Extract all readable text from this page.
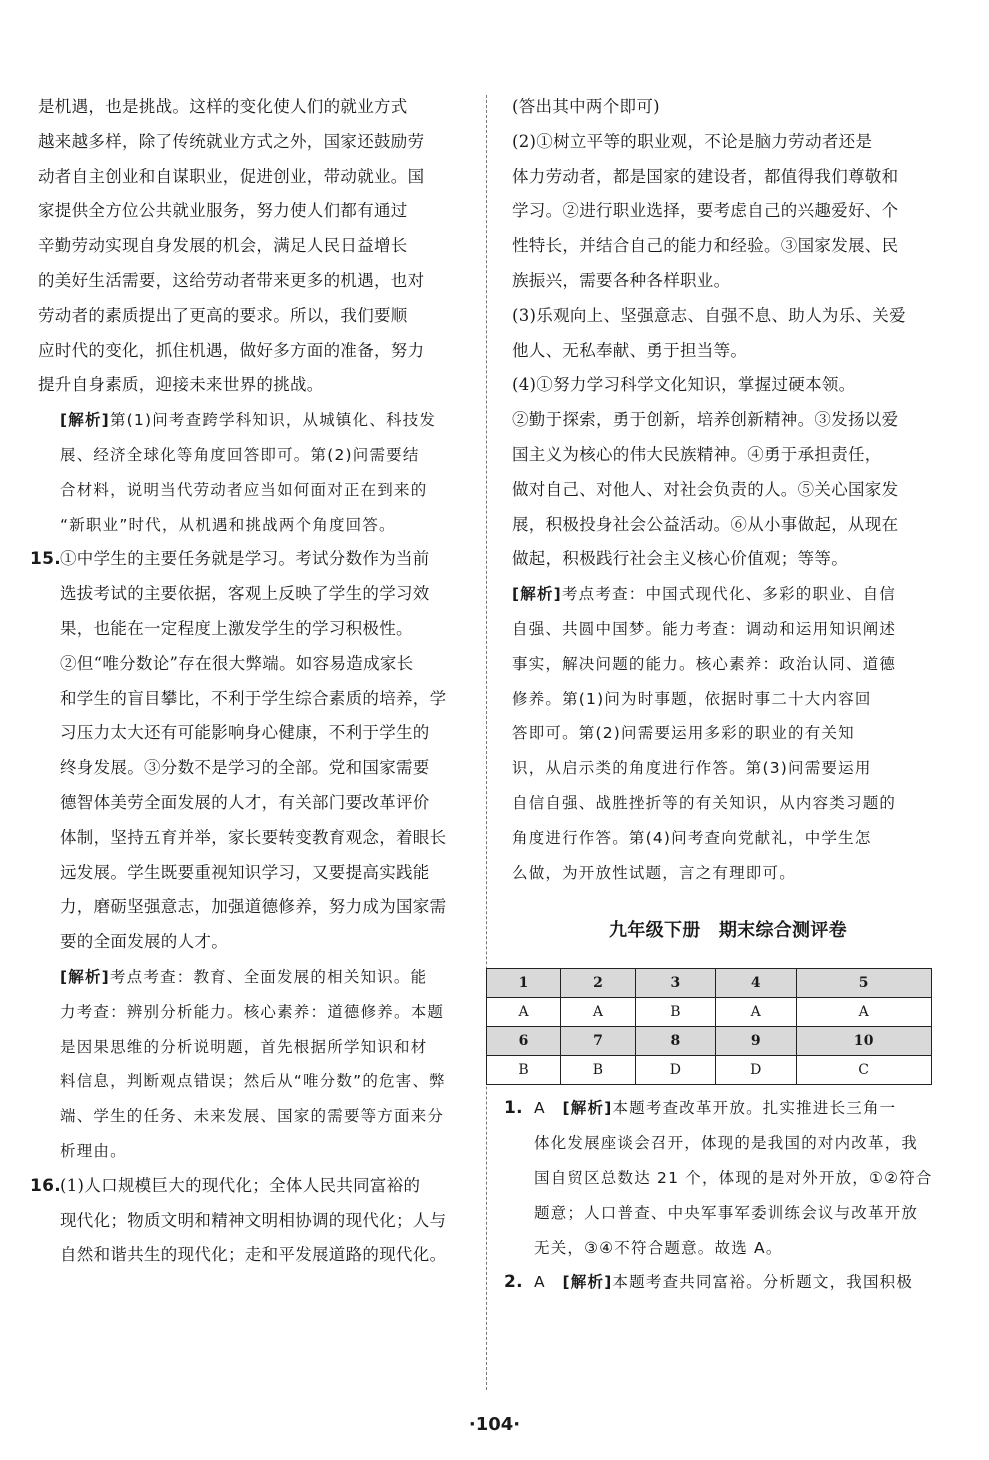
是机遇，也是挑战。这样的变化使人们的就业方式
越来越多样，除了传统就业方式之外，国家还鼓励劳
动者自主创业和自谋职业，促进创业，带动就业。国
家提供全方位公共就业服务，努力使人们都有通过
辛勤劳动实现自身发展的机会，满足人民日益增长
的美好生活需要，这给劳动者带来更多的机遇，也对
劳动者的素质提出了更高的要求。所以，我们要顺
应时代的变化，抓住机遇，做好多方面的准备，努力
提升自身素质，迎接未来世界的挑战。
[解析]第(1)问考查跨学科知识，从城镇化、科技发
展、经济全球化等角度回答即可。第(2)问需要结
合材料，说明当代劳动者应当如何面对正在到来的
“新职业”时代，从机遇和挑战两个角度回答。
15.
①中学生的主要任务就是学习。考试分数作为当前
选拔考试的主要依据，客观上反映了学生的学习效
果，也能在一定程度上激发学生的学习积极性。
②但“唯分数论”存在很大弊端。如容易造成家长
和学生的盲目攀比，不利于学生综合素质的培养，学
习压力太大还有可能影响身心健康，不利于学生的
终身发展。③分数不是学习的全部。党和国家需要
德智体美劳全面发展的人才，有关部门要改革评价
体制，坚持五育并举，家长要转变教育观念，着眼长
远发展。学生既要重视知识学习，又要提高实践能
力，磨砺坚强意志，加强道德修养，努力成为国家需
要的全面发展的人才。
[解析]考点考查：教育、全面发展的相关知识。能
力考查：辨别分析能力。核心素养：道德修养。本题
是因果思维的分析说明题，首先根据所学知识和材
料信息，判断观点错误；然后从“唯分数”的危害、弊
端、学生的任务、未来发展、国家的需要等方面来分
析理由。
16.
(1)人口规模巨大的现代化；全体人民共同富裕的
现代化；物质文明和精神文明相协调的现代化；人与
自然和谐共生的现代化；走和平发展道路的现代化。
(答出其中两个即可)
(2)①树立平等的职业观，不论是脑力劳动者还是
体力劳动者，都是国家的建设者，都值得我们尊敬和
学习。②进行职业选择，要考虑自己的兴趣爱好、个
性特长，并结合自己的能力和经验。③国家发展、民
族振兴，需要各种各样职业。
(3)乐观向上、坚强意志、自强不息、助人为乐、关爱
他人、无私奉献、勇于担当等。
(4)①努力学习科学文化知识，掌握过硬本领。
②勤于探索，勇于创新，培养创新精神。③发扬以爱
国主义为核心的伟大民族精神。④勇于承担责任，
做对自己、对他人、对社会负责的人。⑤关心国家发
展，积极投身社会公益活动。⑥从小事做起，从现在
做起，积极践行社会主义核心价值观；等等。
[解析]考点考查：中国式现代化、多彩的职业、自信
自强、共圆中国梦。能力考查：调动和运用知识阐述
事实，解决问题的能力。核心素养：政治认同、道德
修养。第(1)问为时事题，依据时事二十大内容回
答即可。第(2)问需要运用多彩的职业的有关知
识，从启示类的角度进行作答。第(3)问需要运用
自信自强、战胜挫折等的有关知识，从内容类习题的
角度进行作答。第(4)问考查向党献礼，中学生怎
么做，为开放性试题，言之有理即可。
九年级下册　期末综合测评卷
1	2	3	4	5
A	A	B	A	A
6	7	8	9	10
B	B	D	D	C
1. A　 [解析]本题考查改革开放。扎实推进长三角一
体化发展座谈会召开，体现的是我国的对内改革，我
国自贸区总数达 21 个，体现的是对外开放，①②符合
题意；人口普查、中央军事军委训练会议与改革开放
无关，③④不符合题意。故选 A。
2. A　 [解析]本题考查共同富裕。分析题文，我国积极
·104·
